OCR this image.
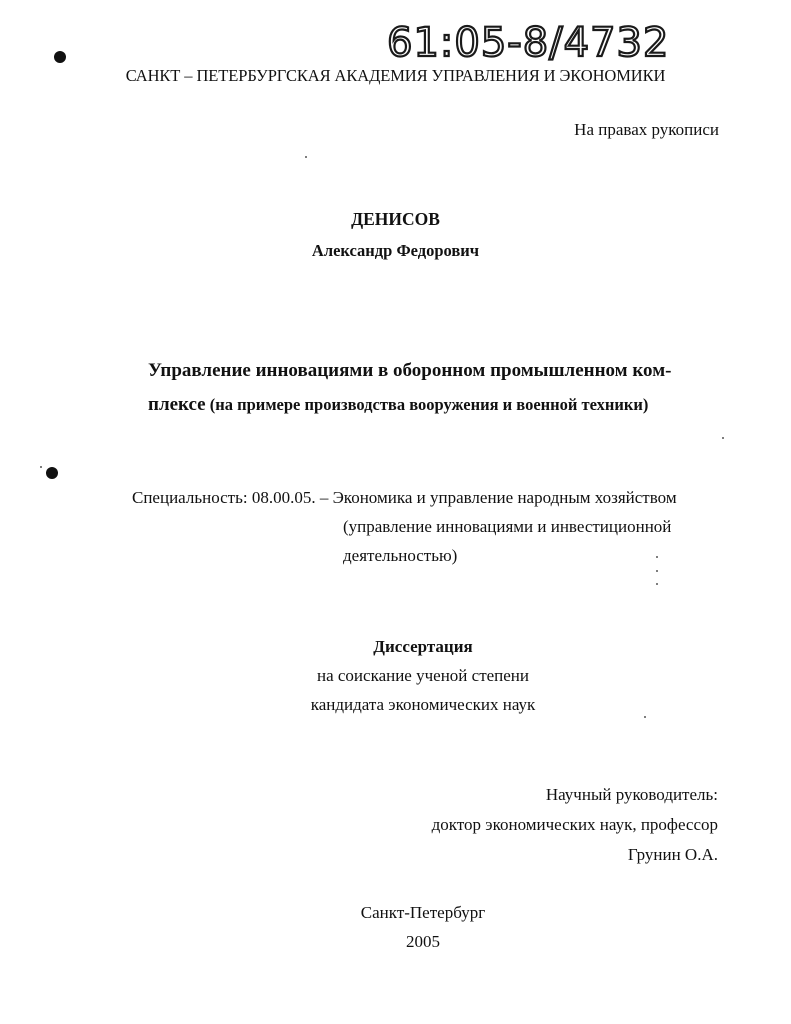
61:05-8/4732
САНКТ – ПЕТЕРБУРГСКАЯ АКАДЕМИЯ УПРАВЛЕНИЯ И ЭКОНОМИКИ
На правах рукописи
ДЕНИСОВ
Александр Федорович
Управление инновациями в оборонном промышленном ком-
плексе (на примере производства вооружения и военной техники)
Специальность: 08.00.05. – Экономика и управление народным хозяйством
(управление инновациями и инвестиционной
деятельностью)
Диссертация
на соискание ученой степени
кандидата экономических наук
Научный руководитель:
доктор экономических наук, профессор
Грунин О.А.
Санкт-Петербург
2005
